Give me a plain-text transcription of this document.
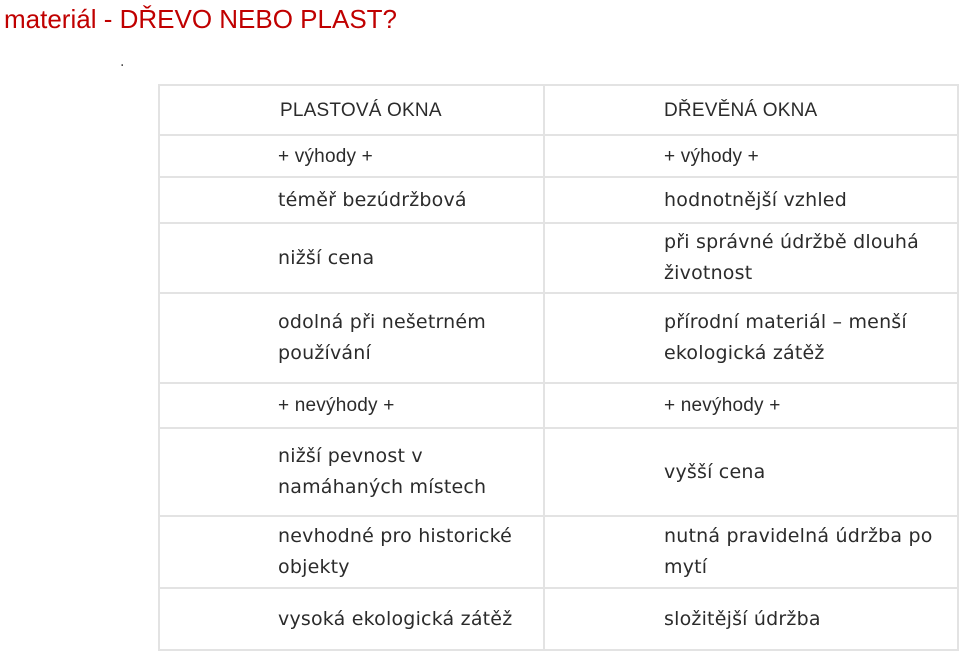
materiál - DŘEVO NEBO PLAST?
.
PLASTOVÁ OKNA	DŘEVĚNÁ OKNA
+ výhody +	+ výhody +
téměř bezúdržbová	hodnotnější vzhled
nižší cena	při správné údržbě dlouhá životnost
odolná při nešetrném používání	přírodní materiál – menší ekologická zátěž
+ nevýhody +	+ nevýhody +
nižší pevnost v namáhaných místech	vyšší cena
nevhodné pro historické objekty	nutná pravidelná údržba po mytí
vysoká ekologická zátěž	složitější údržba
